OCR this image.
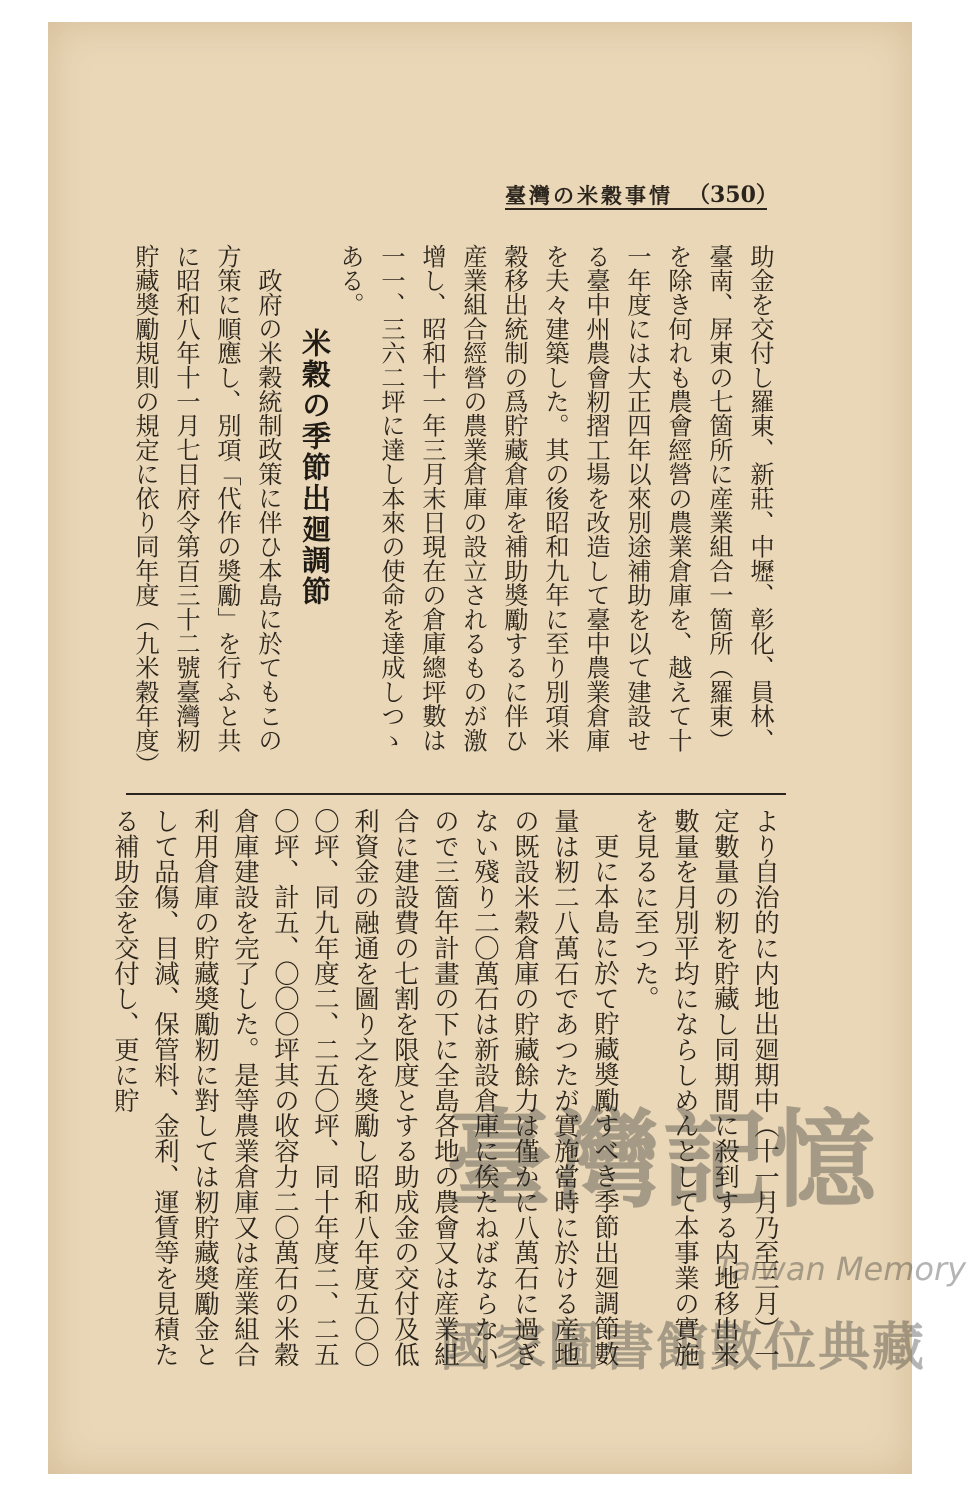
（350）
臺灣の米穀事情

助金を交付し羅東、新莊、中壢、彰化、員林、臺南、屏東の七箇所に産業組合一箇所（羅東）を除き何れも農會經營の農業倉庫を、越えて十一年度には大正四年以來別途補助を以て建設せる臺中州農會籾摺工場を改造して臺中農業倉庫を夫々建築した。其の後昭和九年に至り別項米穀移出統制の爲貯藏倉庫を補助奬勵するに伴ひ産業組合經營の農業倉庫の設立されるものが激增し、昭和十一年三月末日現在の倉庫總坪數は一一、三六二坪に達し本來の使命を達成しつゝある。

米穀の季節出廻調節

政府の米穀統制政策に伴ひ本島に於てもこの方策に順應し、別項「代作の奬勵」を行ふと共に昭和八年十一月七日府令第百三十二號臺灣籾貯藏奬勵規則の規定に依り同年度（九米穀年度）

より自治的に内地出廻期中（十一月乃至三月）一定數量の籾を貯藏し同期間に殺到する内地移出米數量を月別平均にならしめんとして本事業の實施を見るに至つた。

更に本島に於て貯藏奬勵すべき季節出廻調節數量は籾二八萬石であつたが實施當時に於ける産地の既設米穀倉庫の貯藏餘力は僅かに八萬石に過ぎない殘り二〇萬石は新設倉庫に俟たねばならないので三箇年計畫の下に全島各地の農會又は産業組合に建設費の七割を限度とする助成金の交付及低利資金の融通を圖り之を奬勵し昭和八年度五〇〇〇坪、同九年度二、二五〇坪、同十年度二、二五〇坪、計五、〇〇〇坪其の收容力二〇萬石の米穀倉庫建設を完了した。是等農業倉庫又は産業組合利用倉庫の貯藏奬勵籾に對しては籾貯藏奬勵金として品傷、目減、保管料、金利、運賃等を見積たる補助金を交付し、更に貯

臺灣記憶
Taiwan Memory
國家圖書館數位典藏
